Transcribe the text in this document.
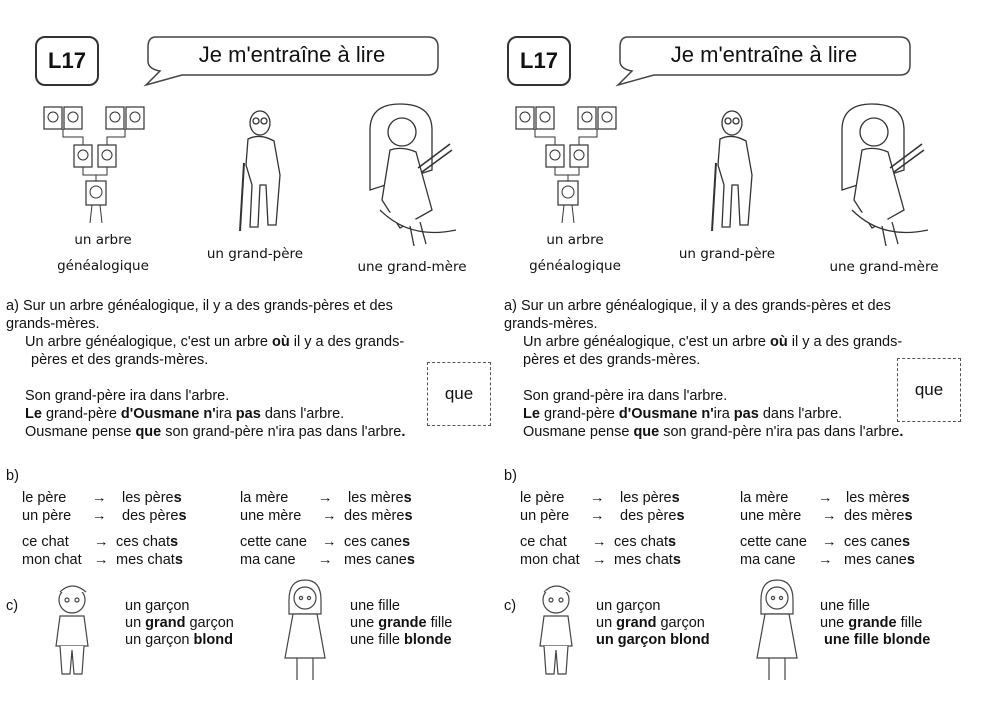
L17	Je m'entraîne à lire
un arbre
généalogique
un grand-père
une grand-mère
a) Sur un arbre généalogique, il y a des grands-pères et des
grands-mères.
Un arbre généalogique, c'est un arbre où il y a des grands-
pères et des grands-mères.
Son grand-père ira dans l'arbre.
Le grand-père d'Ousmane n'ira pas dans l'arbre.
Ousmane pense que son grand-père n'ira pas dans l'arbre.
que
b)
le père → les pères	la mère → les mères
un père → des pères	une mère → des mères
ce chat → ces chats	cette cane → ces canes
mon chat → mes chats	ma cane → mes canes
c)	un garçon
un grand garçon
un garçon blond
une fille
une grande fille
une fille blonde
L17	Je m'entraîne à lire
un arbre
généalogique
un grand-père
une grand-mère
a) Sur un arbre généalogique, il y a des grands-pères et des
grands-mères.
Un arbre généalogique, c'est un arbre où il y a des grands-
pères et des grands-mères.
Son grand-père ira dans l'arbre.
Le grand-père d'Ousmane n'ira pas dans l'arbre.
Ousmane pense que son grand-père n'ira pas dans l'arbre.
que
b)
le père → les pères	la mère → les mères
un père → des pères	une mère → des mères
ce chat → ces chats	cette cane → ces canes
mon chat → mes chats	ma cane → mes canes
c)	un garçon
un grand garçon
un garçon blond
une fille
une grande fille
une fille blonde
